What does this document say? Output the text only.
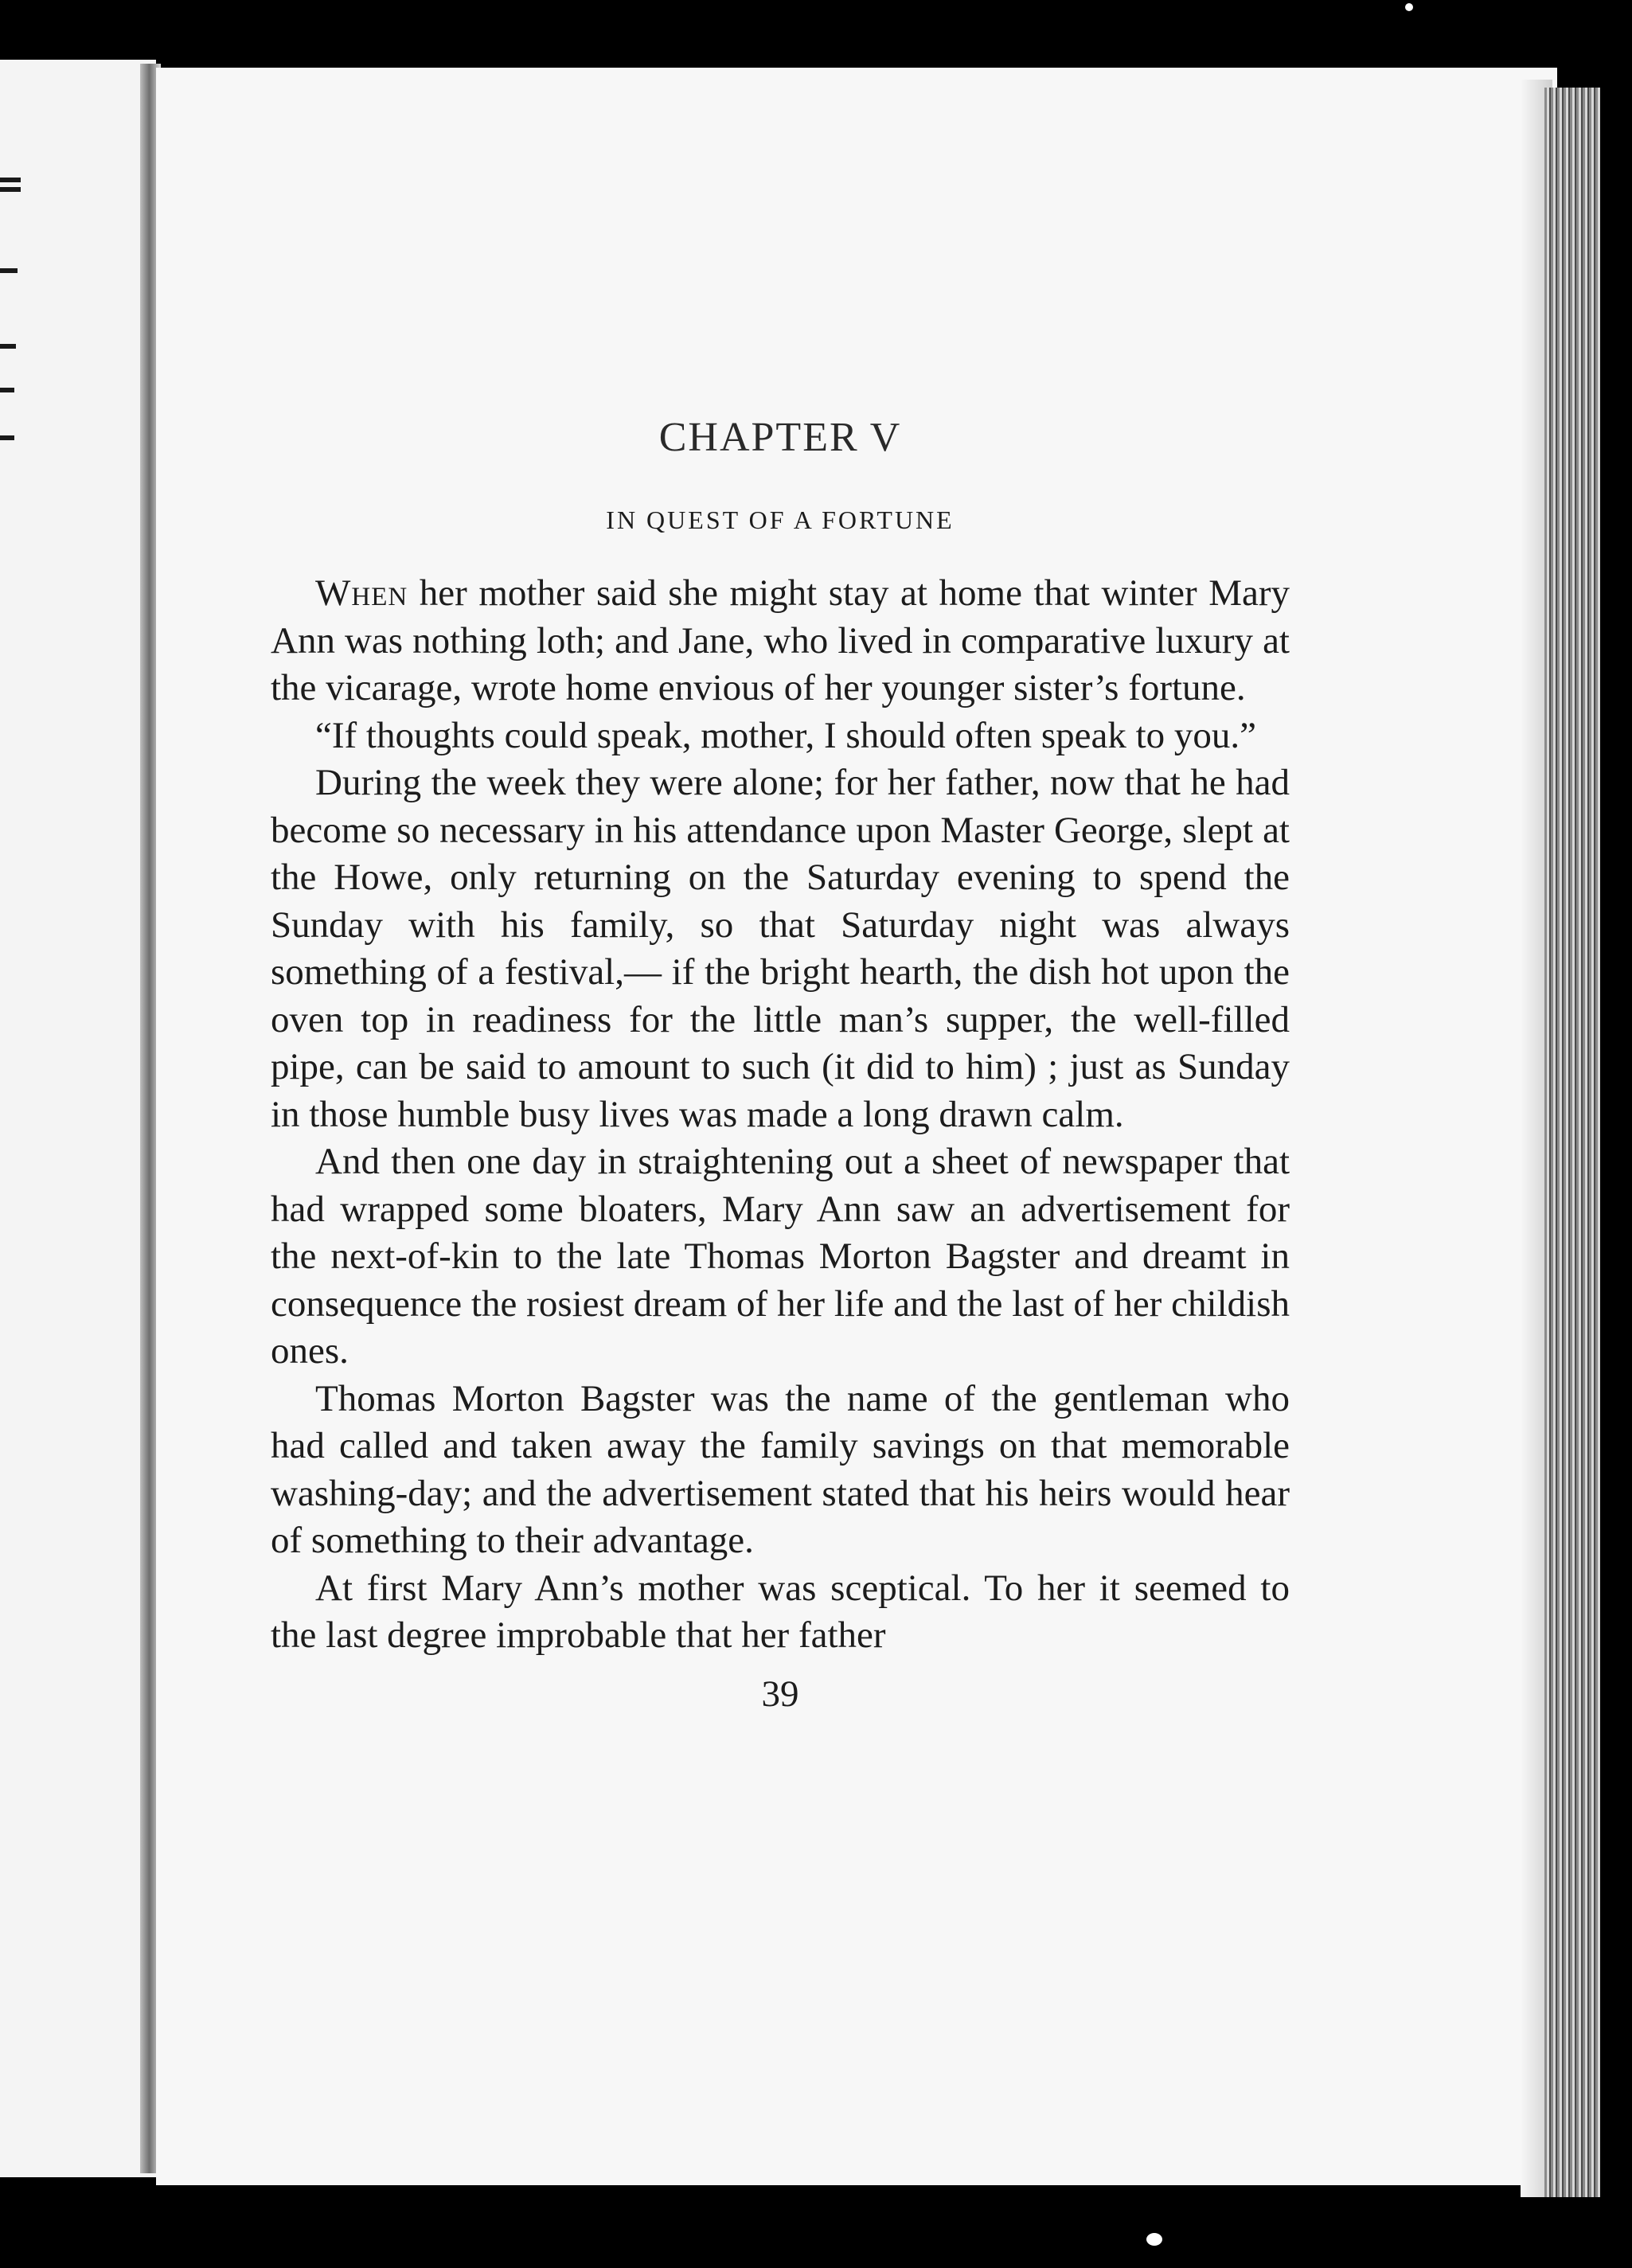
CHAPTER V
IN QUEST OF A FORTUNE

When her mother said she might stay at home that winter Mary Ann was nothing loth; and Jane, who lived in comparative luxury at the vicarage, wrote home envious of her younger sister’s fortune.

“If thoughts could speak, mother, I should often speak to you.”

During the week they were alone; for her father, now that he had become so necessary in his attendance upon Master George, slept at the Howe, only returning on the Saturday evening to spend the Sunday with his family, so that Saturday night was always something of a festival,— if the bright hearth, the dish hot upon the oven top in readiness for the little man’s supper, the well-filled pipe, can be said to amount to such (it did to him) ; just as Sunday in those humble busy lives was made a long drawn calm.

And then one day in straightening out a sheet of newspaper that had wrapped some bloaters, Mary Ann saw an advertisement for the next-of-kin to the late Thomas Morton Bagster and dreamt in consequence the rosiest dream of her life and the last of her childish ones.

Thomas Morton Bagster was the name of the gentleman who had called and taken away the family savings on that memorable washing-day; and the advertisement stated that his heirs would hear of something to their advantage.

At first Mary Ann’s mother was sceptical. To her it seemed to the last degree improbable that her father

39
